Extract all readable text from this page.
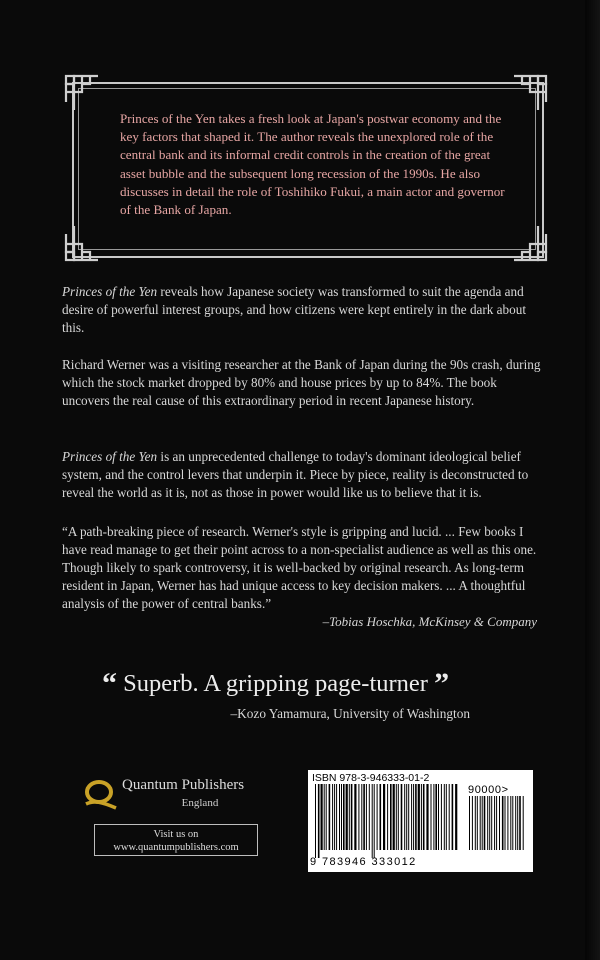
Princes of the Yen takes a fresh look at Japan's postwar economy and the key factors that shaped it. The author reveals the unexplored role of the central bank and its informal credit controls in the creation of the great asset bubble and the subsequent long recession of the 1990s. He also discusses in detail the role of Toshihiko Fukui, a main actor and governor of the Bank of Japan.

Princes of the Yen reveals how Japanese society was transformed to suit the agenda and desire of powerful interest groups, and how citizens were kept entirely in the dark about this.

Richard Werner was a visiting researcher at the Bank of Japan during the 90s crash, during which the stock market dropped by 80% and house prices by up to 84%. The book uncovers the real cause of this extraordinary period in recent Japanese history.

Princes of the Yen is an unprecedented challenge to today's dominant ideological belief system, and the control levers that underpin it. Piece by piece, reality is deconstructed to reveal the world as it is, not as those in power would like us to believe that it is.

“A path-breaking piece of research. Werner's style is gripping and lucid. ... Few books I have read manage to get their point across to a non-specialist audience as well as this one. Though likely to spark controversy, it is well-backed by original research. As long-term resident in Japan, Werner has had unique access to key decision makers. ... A thoughtful analysis of the power of central banks.”

–Tobias Hoschka, McKinsey & Company
“ Superb. A gripping page-turner ”
–Kozo Yamamura, University of Washington
Quantum Publishers
England
Visit us on
www.quantumpublishers.com
ISBN 978-3-946333-01-2
90000>
9 783946 333012
